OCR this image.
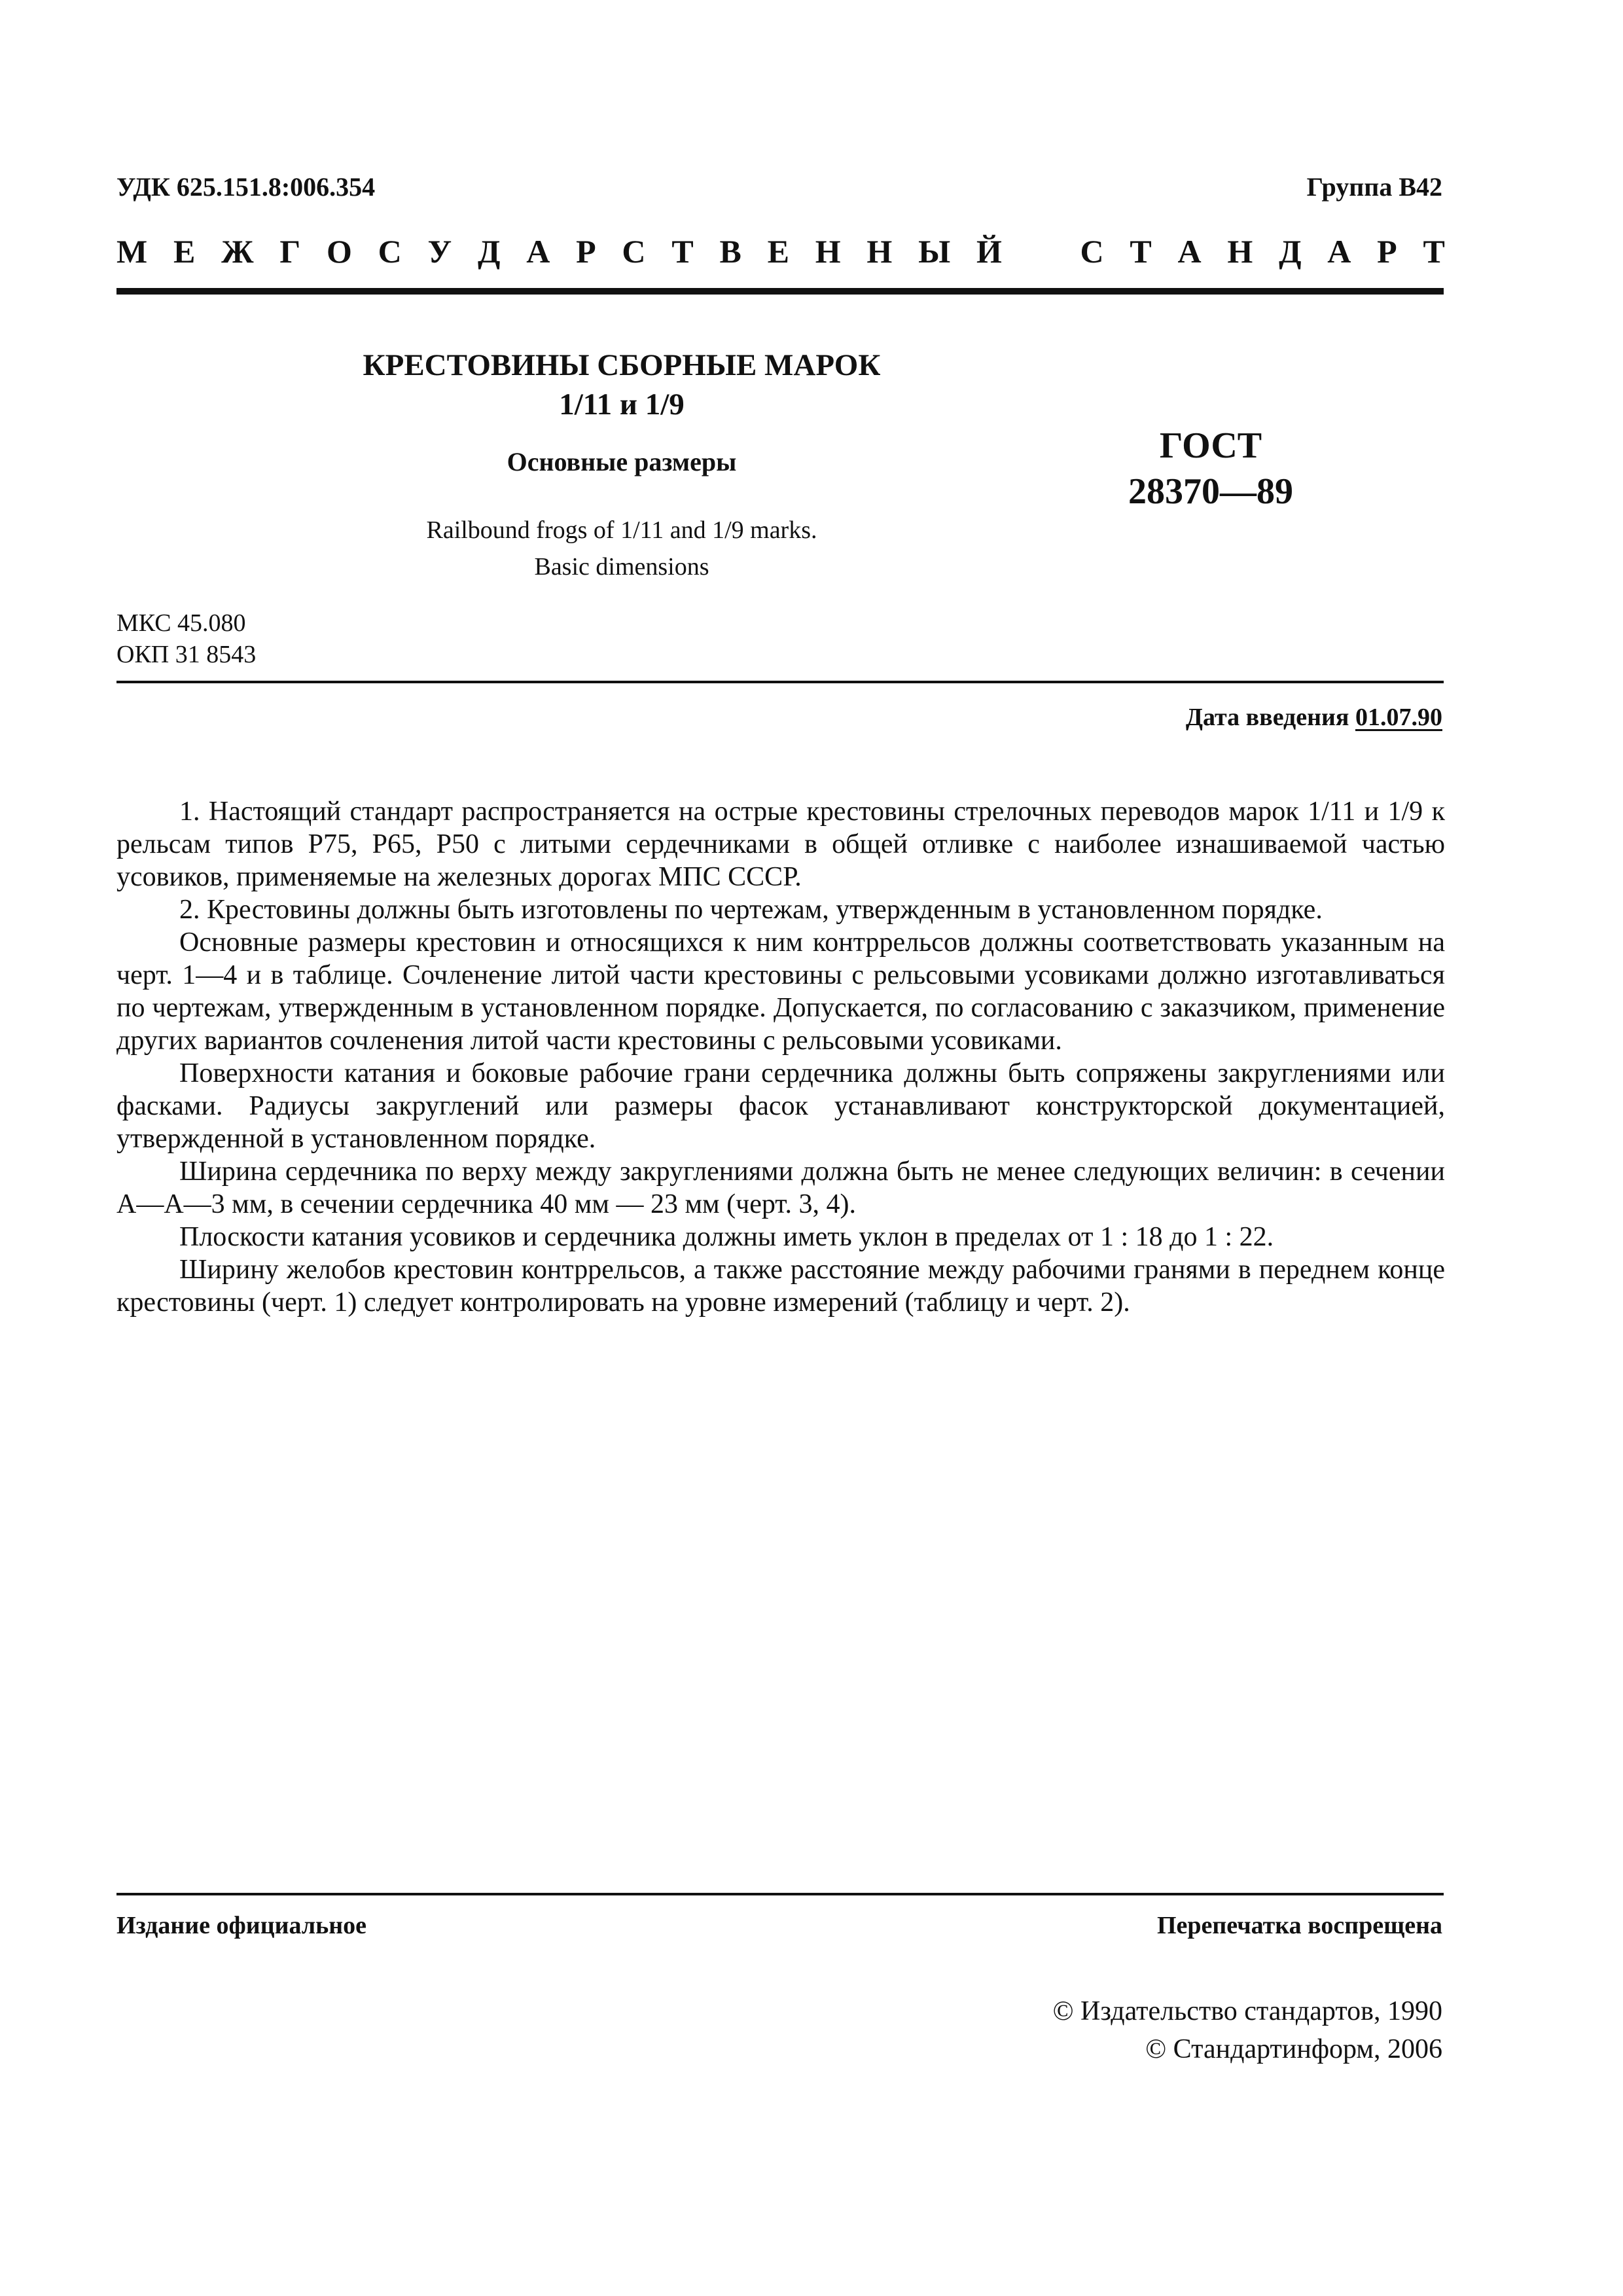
УДК 625.151.8:006.354	Группа B42
М Е Ж Г О С У Д А Р С Т В Е Н Н Ы Й С Т А Н Д А Р Т
КРЕСТОВИНЫ СБОРНЫЕ МАРОК
1/11 и 1/9
Основные размеры
Railbound frogs of 1/11 and 1/9 marks.
Basic dimensions
ГОСТ
28370—89
МКС 45.080
ОКП 31 8543
Дата введения 01.07.90

1. Настоящий стандарт распространяется на острые крестовины стрелочных переводов марок 1/11 и 1/9 к рельсам типов Р75, Р65, Р50 с литыми сердечниками в общей отливке с наиболее изнашиваемой частью усовиков, применяемые на железных дорогах МПС СССР.

2. Крестовины должны быть изготовлены по чертежам, утвержденным в установленном порядке.

Основные размеры крестовин и относящихся к ним контррельсов должны соответствовать указанным на черт. 1—4 и в таблице. Сочленение литой части крестовины с рельсовыми усовиками должно изготавливаться по чертежам, утвержденным в установленном порядке. Допускается, по согласованию с заказчиком, применение других вариантов сочленения литой части крестовины с рельсовыми усовиками.

Поверхности катания и боковые рабочие грани сердечника должны быть сопряжены закруглениями или фасками. Радиусы закруглений или размеры фасок устанавливают конструкторской документацией, утвержденной в установленном порядке.

Ширина сердечника по верху между закруглениями должна быть не менее следующих величин: в сечении А—А—3 мм, в сечении сердечника 40 мм — 23 мм (черт. 3, 4).

Плоскости катания усовиков и сердечника должны иметь уклон в пределах от 1 : 18 до 1 : 22.

Ширину желобов крестовин контррельсов, а также расстояние между рабочими гранями в переднем конце крестовины (черт. 1) следует контролировать на уровне измерений (таблицу и черт. 2).

Издание официальное	Перепечатка воспрещена
© Издательство стандартов, 1990
© Стандартинформ, 2006
